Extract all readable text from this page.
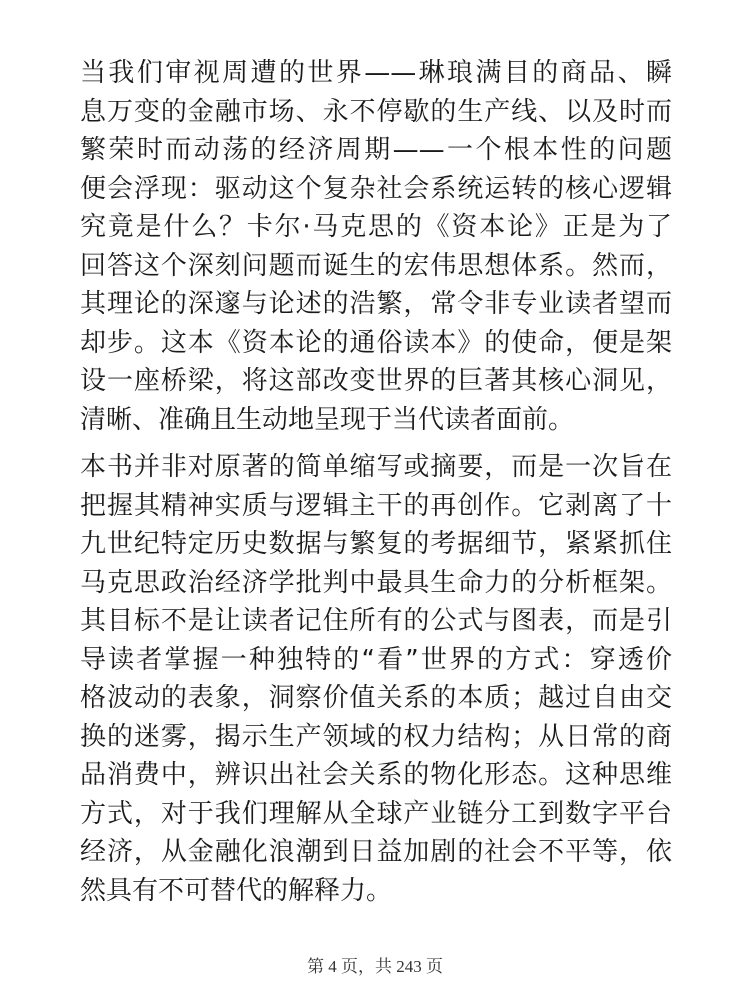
当我们审视周遭的世界——琳琅满目的商品、瞬
息万变的金融市场、永不停歇的生产线、以及时而
繁荣时而动荡的经济周期——一个根本性的问题
便会浮现：驱动这个复杂社会系统运转的核心逻辑
究竟是什么？卡尔·马克思的《资本论》正是为了
回答这个深刻问题而诞生的宏伟思想体系。然而，
其理论的深邃与论述的浩繁，常令非专业读者望而
却步。这本《资本论的通俗读本》的使命，便是架
设一座桥梁，将这部改变世界的巨著其核心洞见，
清晰、准确且生动地呈现于当代读者面前。
本书并非对原著的简单缩写或摘要，而是一次旨在
把握其精神实质与逻辑主干的再创作。它剥离了十
九世纪特定历史数据与繁复的考据细节，紧紧抓住
马克思政治经济学批判中最具生命力的分析框架。
其目标不是让读者记住所有的公式与图表，而是引
导读者掌握一种独特的“看”世界的方式：穿透价
格波动的表象，洞察价值关系的本质；越过自由交
换的迷雾，揭示生产领域的权力结构；从日常的商
品消费中，辨识出社会关系的物化形态。这种思维
方式，对于我们理解从全球产业链分工到数字平台
经济，从金融化浪潮到日益加剧的社会不平等，依
然具有不可替代的解释力。
第 4 页，共 243 页
